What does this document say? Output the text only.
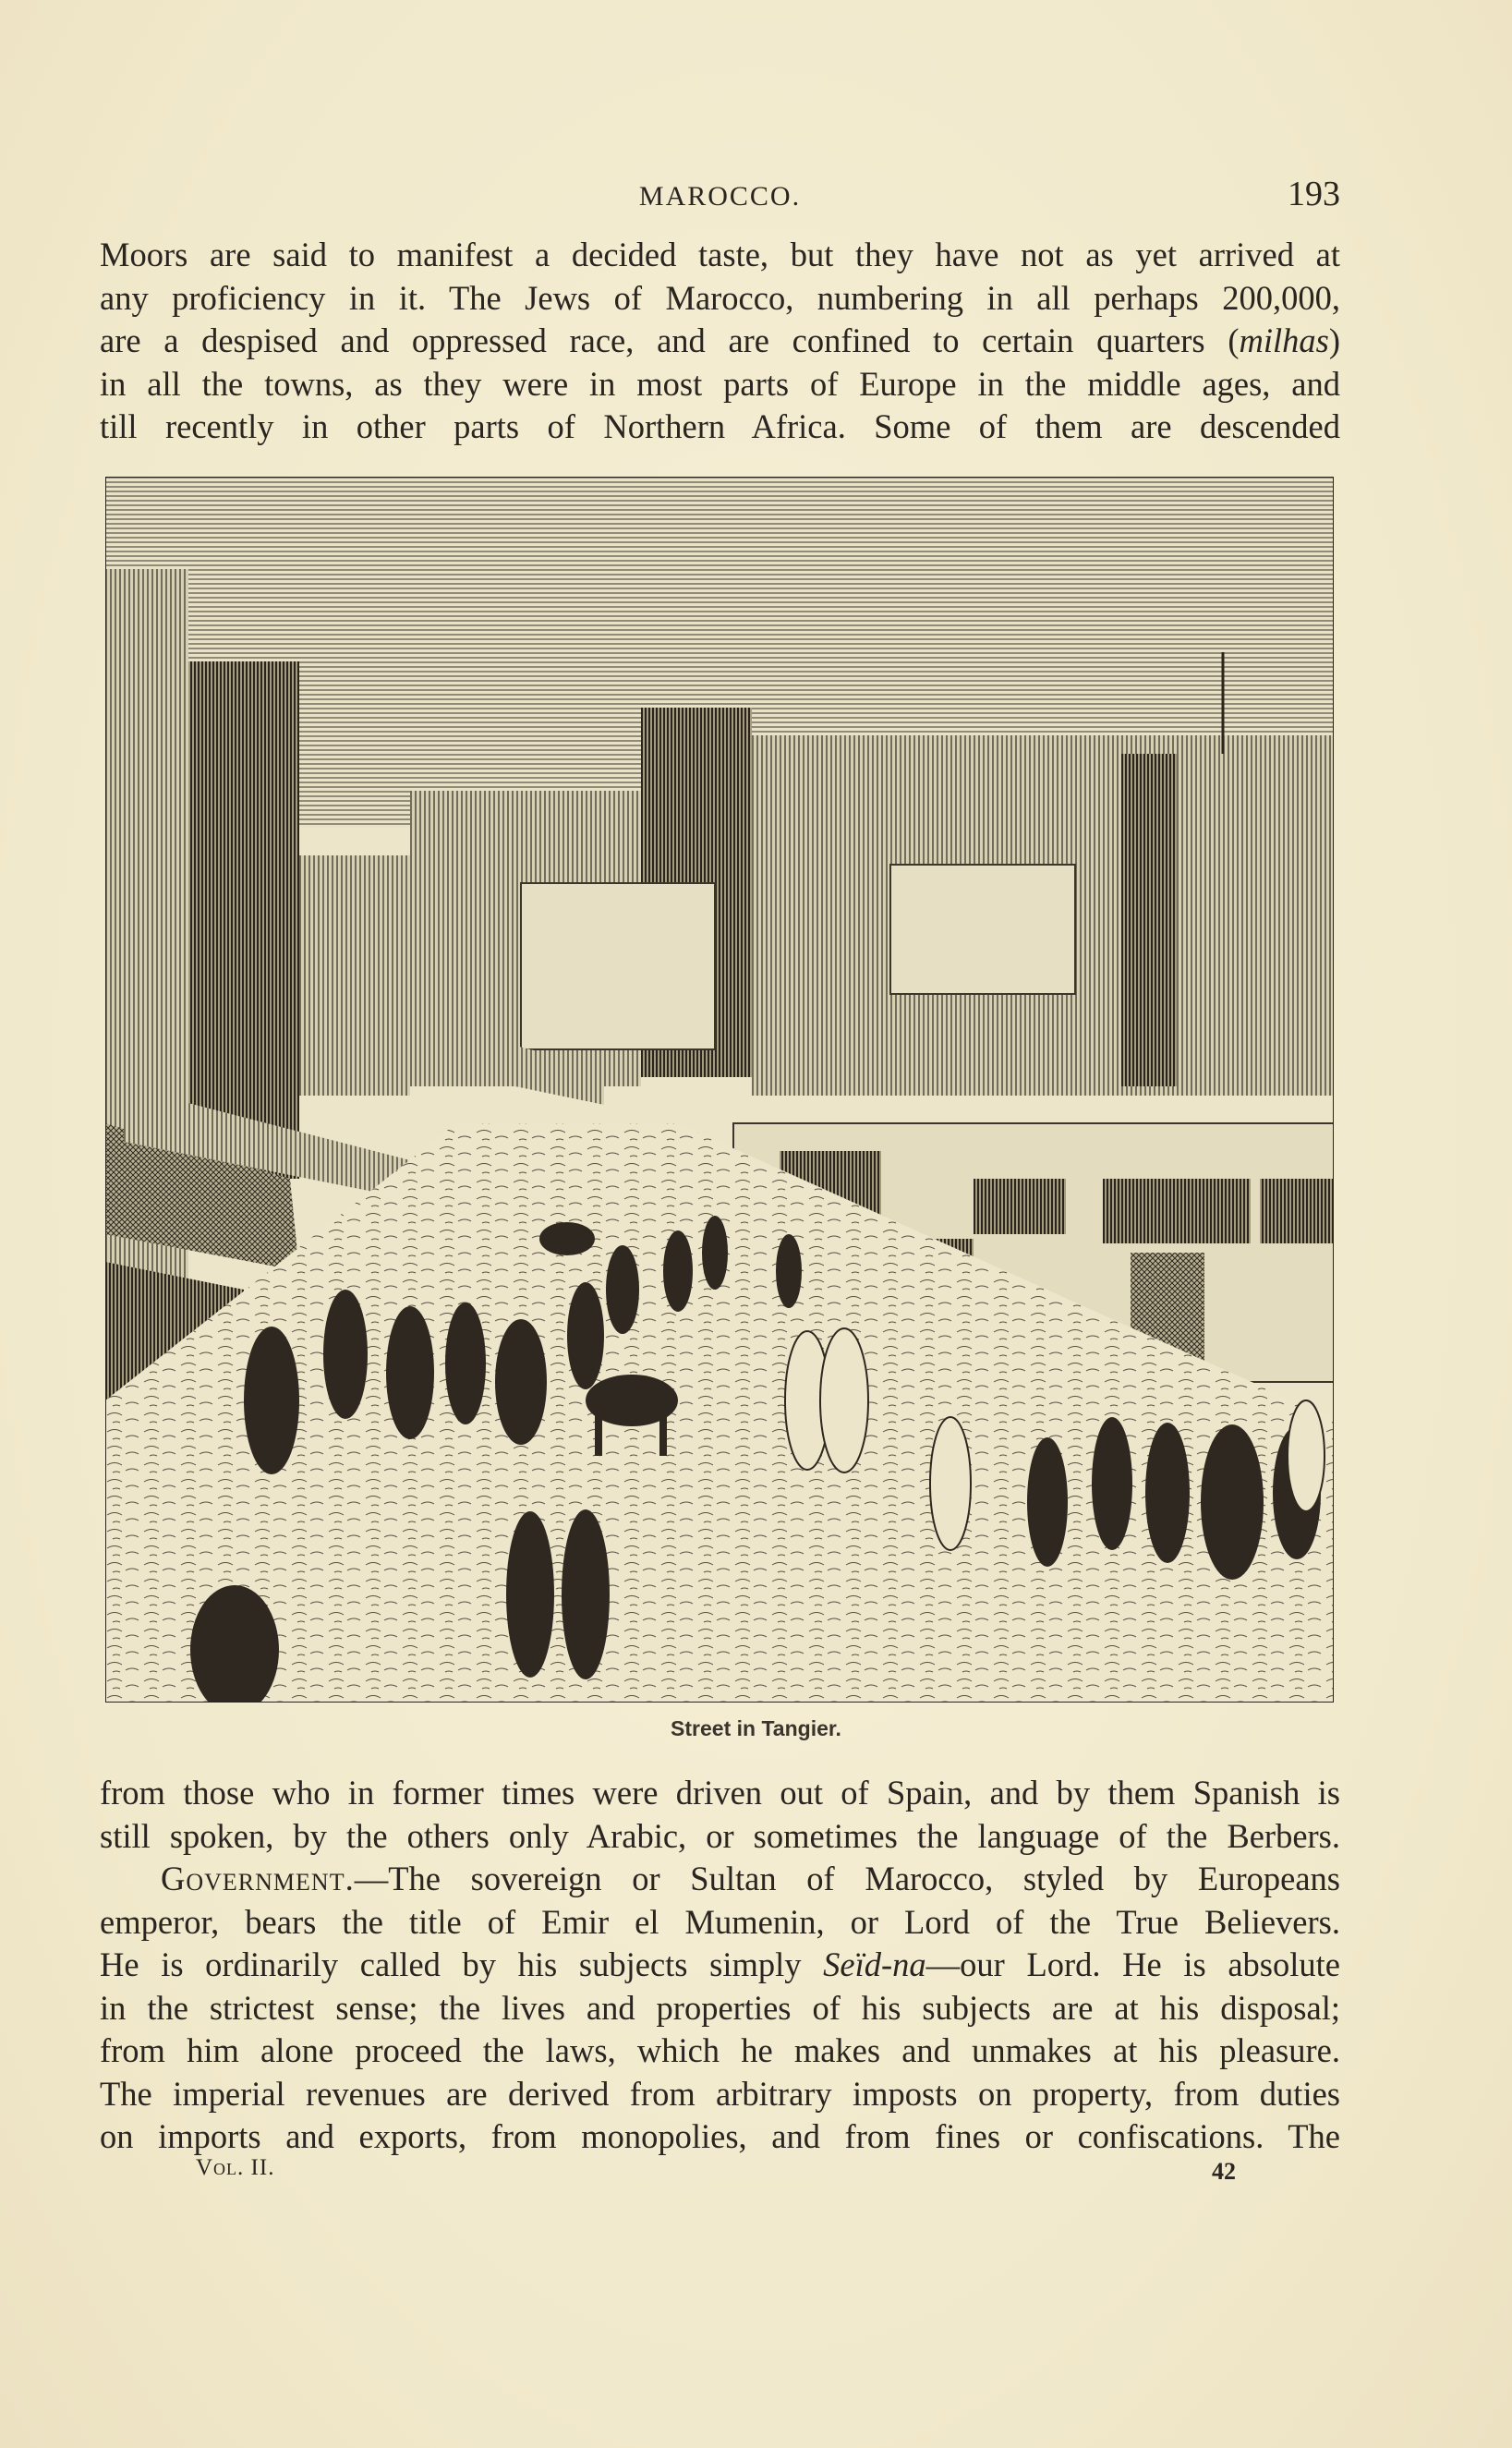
MAROCCO.	193
Moors are said to manifest a decided taste, but they have not as yet arrived at
any proficiency in it. The Jews of Marocco, numbering in all perhaps 200,000,
are a despised and oppressed race, and are confined to certain quarters (milhas)
in all the towns, as they were in most parts of Europe in the middle ages, and
till recently in other parts of Northern Africa. Some of them are descended
Street in Tangier.
from those who in former times were driven out of Spain, and by them Spanish is
still spoken, by the others only Arabic, or sometimes the language of the Berbers.
Government.—The sovereign or Sultan of Marocco, styled by Europeans
emperor, bears the title of Emir el Mumenin, or Lord of the True Believers.
He is ordinarily called by his subjects simply Seïd-na—our Lord. He is absolute
in the strictest sense; the lives and properties of his subjects are at his disposal;
from him alone proceed the laws, which he makes and unmakes at his pleasure.
The imperial revenues are derived from arbitrary imposts on property, from duties
on imports and exports, from monopolies, and from fines or confiscations. The
Vol. II.	42
